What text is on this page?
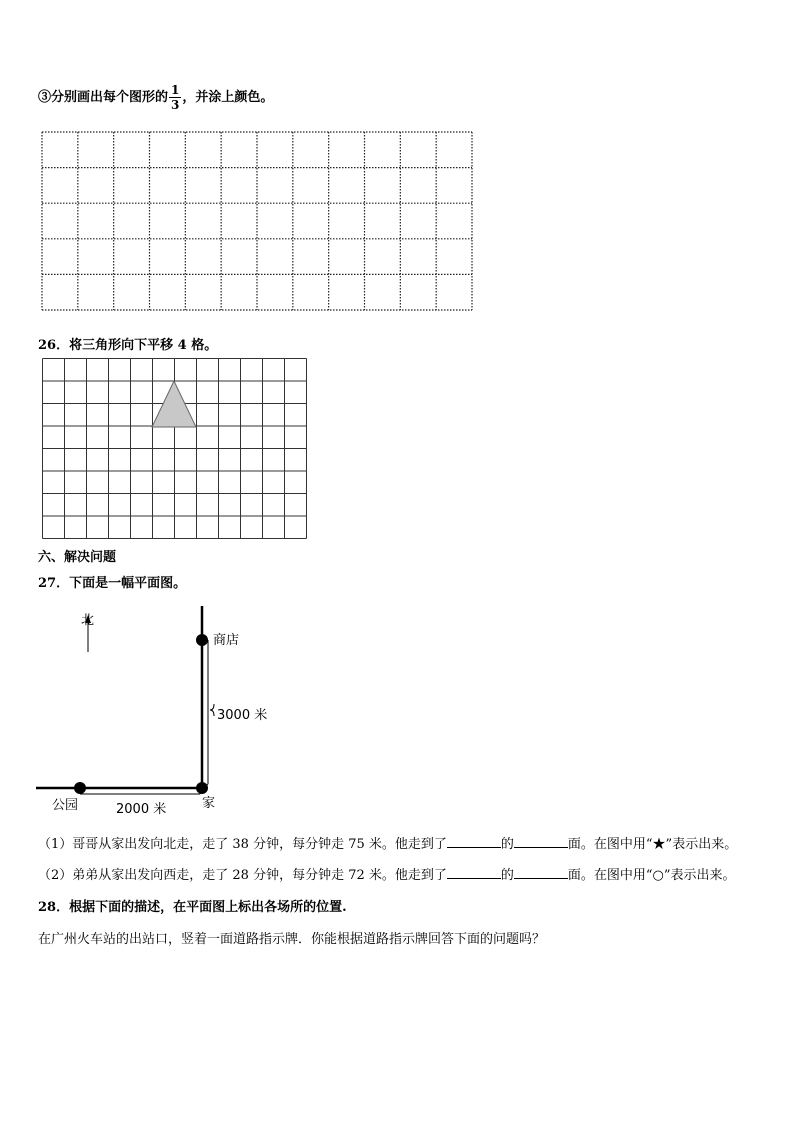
③分别画出每个图形的 $\frac{1}{3}$ ，并涂上颜色。
26．将三角形向下平移 4 格。
六、解决问题
27．下面是一幅平面图。
北
商店
3000 米
家
公园	2000 米
（1）哥哥从家出发向北走，走了 38 分钟，每分钟走 75 米。他走到了	的	面。在图中用“★”表示出来。
（2）弟弟从家出发向西走，走了 28 分钟，每分钟走 72 米。他走到了	的	面。在图中用“○”表示出来。
28．根据下面的描述，在平面图上标出各场所的位置.
在广州火车站的出站口，竖着一面道路指示牌．你能根据道路指示牌回答下面的问题吗？
